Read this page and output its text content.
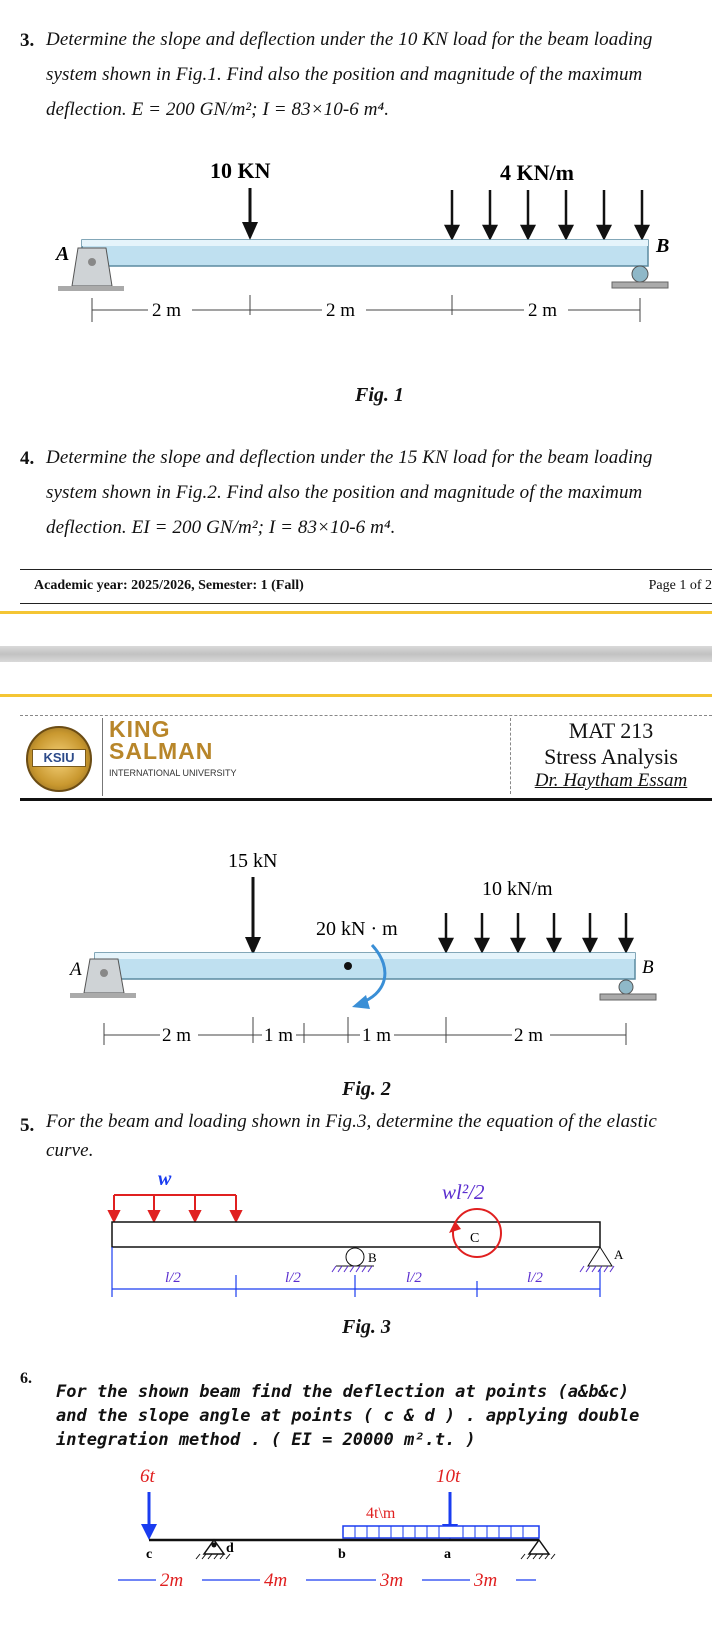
3. Determine the slope and deflection under the 10 KN load for the beam loading
system shown in Fig.1. Find also the position and magnitude of the maximum
deflection. E = 200 GN/m²; I = 83×10-6 m⁴.
10 KN	4 KN/m
A	B
2 m	2 m	2 m
Fig. 1
4. Determine the slope and deflection under the 15 KN load for the beam loading
system shown in Fig.2. Find also the position and magnitude of the maximum
deflection. EI = 200 GN/m²; I = 83×10-6 m⁴.
Academic year: 2025/2026, Semester: 1 (Fall)	Page 1 of 2
KSIU
KING
SALMAN
INTERNATIONAL UNIVERSITY
MAT 213
Stress Analysis
Dr. Haytham Essam
15 kN
20 kN · m
10 kN/m
A	B
2 m	1 m	1 m	2 m
Fig. 2
5. For the beam and loading shown in Fig.3, determine the equation of the elastic
curve.
w
wl²/2
C
B	A
l/2	l/2	l/2	l/2
Fig. 3
6.
For the shown beam find the deflection at points (a&b&c)
and the slope angle at points ( c & d ) . applying double
integration method . ( EI = 20000 m².t. )
6t	10t
4t\m
c	d	b	a
2m	4m	3m	3m
